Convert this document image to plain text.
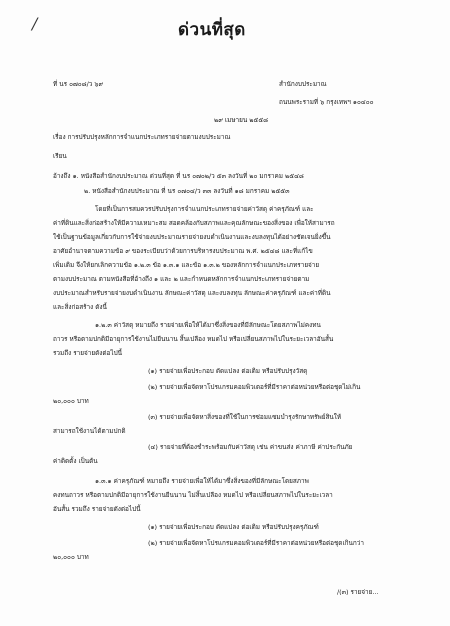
/	ด่วนที่สุด
ที่ นร ๐๗๐๘/ว ๖๙	สำนักงบประมาณ
ถนนพระรามที่ ๖ กรุงเทพฯ ๑๐๔๐๐
๒๙ เมษายน ๒๕๕๘
เรื่อง การปรับปรุงหลักการจำแนกประเภทรายจ่ายตามงบประมาณ
เรียน
อ้างถึง ๑. หนังสือสำนักงบประมาณ ด่วนที่สุด ที่ นร ๐๗๐๒/ว ๕๓ ลงวันที่ ๒๐ มกราคม ๒๕๔๘
๒. หนังสือสำนักงบประมาณ ที่ นร ๐๗๐๔/ว ๓๓ ลงวันที่ ๑๘ มกราคม ๒๕๕๓
โดยที่เป็นการสมควรปรับปรุงการจำแนกประเภทรายจ่ายค่าวัสดุ ค่าครุภัณฑ์ และ
ค่าที่ดินและสิ่งก่อสร้างให้มีความเหมาะสม สอดคล้องกับสภาพและคุณลักษณะของสิ่งของ เพื่อให้สามารถ
ใช้เป็นฐานข้อมูลเกี่ยวกับการใช้จ่ายงบประมาณรายจ่ายงบดำเนินงานและงบลงทุนได้อย่างชัดเจนยิ่งขึ้น
อาศัยอำนาจตามความข้อ ๙ ของระเบียบว่าด้วยการบริหารงบประมาณ พ.ศ. ๒๕๔๘ และที่แก้ไข
เพิ่มเติม จึงให้ยกเลิกความข้อ ๑.๒.๓ ข้อ ๑.๓.๑ และข้อ ๑.๓.๒ ของหลักการจำแนกประเภทรายจ่าย
ตามงบประมาณ ตามหนังสือที่อ้างถึง ๑ และ ๒ และกำหนดหลักการจำแนกประเภทรายจ่ายตาม
งบประมาณสำหรับรายจ่ายงบดำเนินงาน ลักษณะค่าวัสดุ และงบลงทุน ลักษณะค่าครุภัณฑ์ และค่าที่ดิน
และสิ่งก่อสร้าง ดังนี้
๑.๒.๓ ค่าวัสดุ หมายถึง รายจ่ายเพื่อให้ได้มาซึ่งสิ่งของที่มีลักษณะโดยสภาพไม่คงทน
ถาวร หรือตามปกติมีอายุการใช้งานไม่ยืนนาน สิ้นเปลือง หมดไป หรือเปลี่ยนสภาพไปในระยะเวลาอันสั้น
รวมถึง รายจ่ายดังต่อไปนี้
(๑) รายจ่ายเพื่อประกอบ ดัดแปลง ต่อเติม หรือปรับปรุงวัสดุ
(๒) รายจ่ายเพื่อจัดหาโปรแกรมคอมพิวเตอร์ที่มีราคาต่อหน่วยหรือต่อชุดไม่เกิน
๒๐,๐๐๐ บาท
(๓) รายจ่ายเพื่อจัดหาสิ่งของที่ใช้ในการซ่อมแซมบำรุงรักษาทรัพย์สินให้
สามารถใช้งานได้ตามปกติ
(๔) รายจ่ายที่ต้องชำระพร้อมกับค่าวัสดุ เช่น ค่าขนส่ง ค่าภาษี ค่าประกันภัย
ค่าติดตั้ง เป็นต้น
๑.๓.๑ ค่าครุภัณฑ์ หมายถึง รายจ่ายเพื่อให้ได้มาซึ่งสิ่งของที่มีลักษณะโดยสภาพ
คงทนถาวร หรือตามปกติมีอายุการใช้งานยืนนาน ไม่สิ้นเปลือง หมดไป หรือเปลี่ยนสภาพไปในระยะเวลา
อันสั้น รวมถึง รายจ่ายดังต่อไปนี้
(๑) รายจ่ายเพื่อประกอบ ดัดแปลง ต่อเติม หรือปรับปรุงครุภัณฑ์
(๒) รายจ่ายเพื่อจัดหาโปรแกรมคอมพิวเตอร์ที่มีราคาต่อหน่วยหรือต่อชุดเกินกว่า
๒๐,๐๐๐ บาท
/(๓) รายจ่าย...
